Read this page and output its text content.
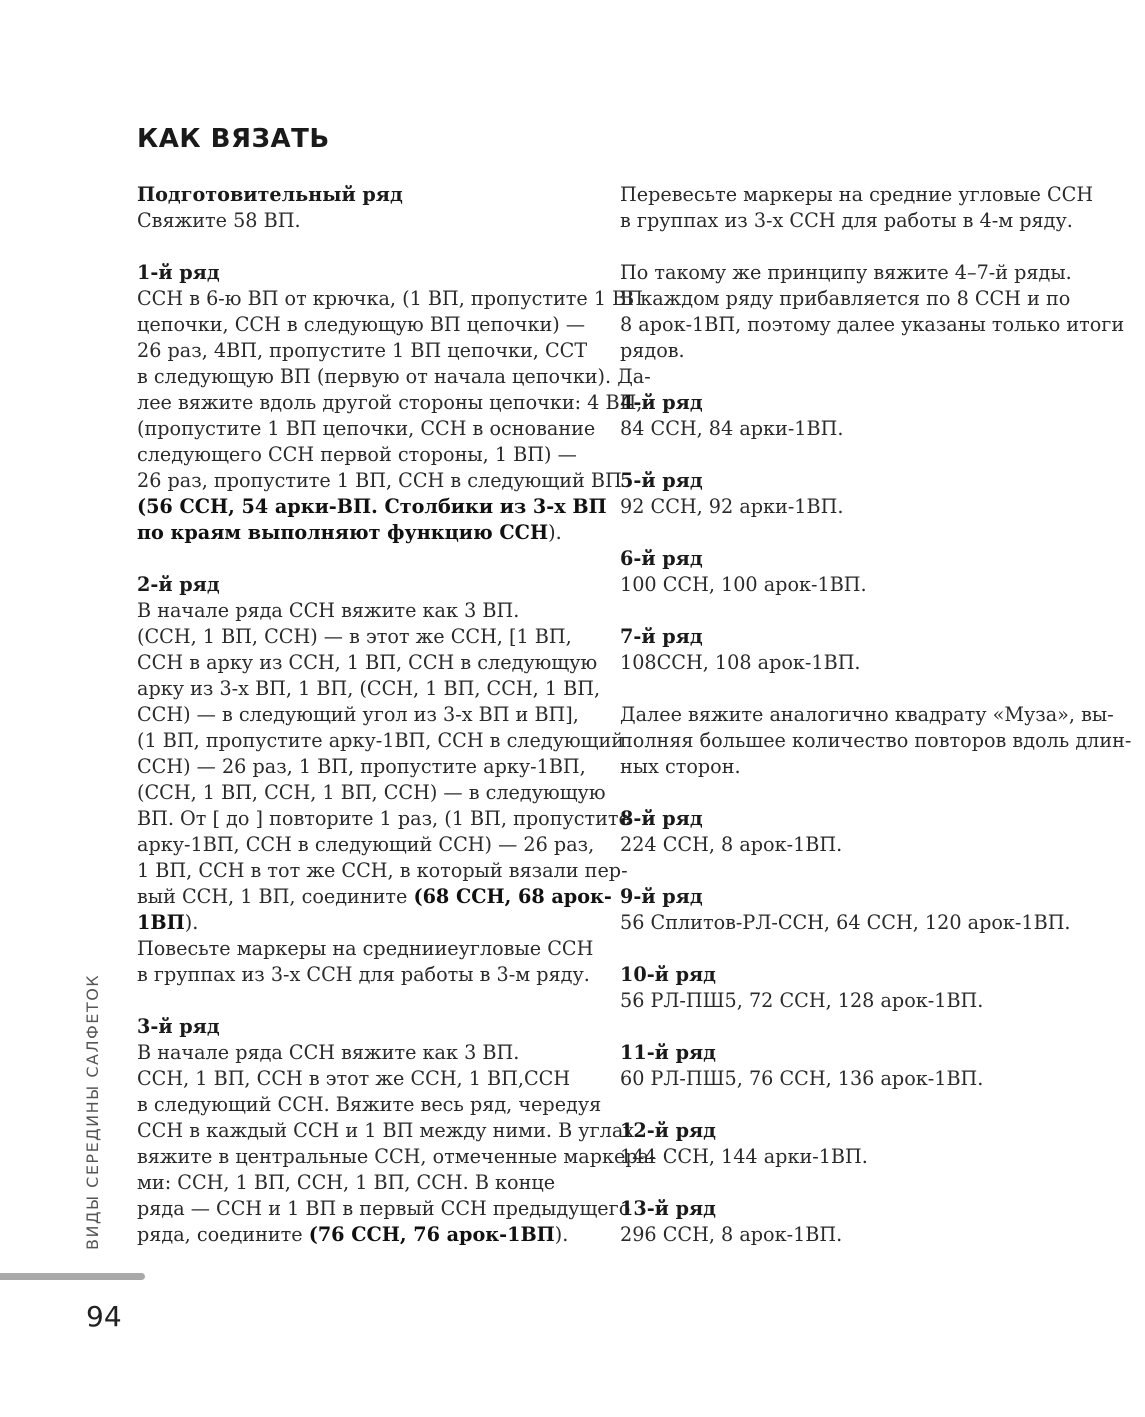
КАК ВЯЗАТЬ
Подготовительный ряд
Свяжите 58 ВП.
1-й ряд
ССН в 6-ю ВП от крючка, (1 ВП, пропустите 1 ВП
цепочки, ССН в следующую ВП цепочки) —
26 раз, 4ВП, пропустите 1 ВП цепочки, ССТ
в следующую ВП (первую от начала цепочки). Да-
лее вяжите вдоль другой стороны цепочки: 4 ВП,
(пропустите 1 ВП цепочки, ССН в основание
следующего ССН первой стороны, 1 ВП) —
26 раз, пропустите 1 ВП, ССН в следующий ВП
(56 ССН, 54 арки-ВП. Столбики из 3-х ВП
по краям выполняют функцию ССН).
2-й ряд
В начале ряда ССН вяжите как 3 ВП.
(ССН, 1 ВП, ССН) — в этот же ССН, [1 ВП,
ССН в арку из ССН, 1 ВП, ССН в следующую
арку из 3-х ВП, 1 ВП, (ССН, 1 ВП, ССН, 1 ВП,
ССН) — в следующий угол из 3-х ВП и ВП],
(1 ВП, пропустите арку-1ВП, ССН в следующий
ССН) — 26 раз, 1 ВП, пропустите арку-1ВП,
(ССН, 1 ВП, ССН, 1 ВП, ССН) — в следующую
ВП. От [ до ] повторите 1 раз, (1 ВП, пропустите
арку-1ВП, ССН в следующий ССН) — 26 раз,
1 ВП, ССН в тот же ССН, в который вязали пер-
вый ССН, 1 ВП, соедините (68 ССН, 68 арок-
1ВП).
Повесьте маркеры на среднииеугловые ССН
в группах из 3-х ССН для работы в 3-м ряду.
3-й ряд
В начале ряда ССН вяжите как 3 ВП.
ССН, 1 ВП, ССН в этот же ССН, 1 ВП,ССН
в следующий ССН. Вяжите весь ряд, чередуя
ССН в каждый ССН и 1 ВП между ними. В углах
вяжите в центральные ССН, отмеченные маркера-
ми: ССН, 1 ВП, ССН, 1 ВП, ССН. В конце
ряда — ССН и 1 ВП в первый ССН предыдущего
ряда, соедините (76 ССН, 76 арок-1ВП).
Перевесьте маркеры на средние угловые ССН
в группах из 3-х ССН для работы в 4-м ряду.
По такому же принципу вяжите 4–7-й ряды.
В каждом ряду прибавляется по 8 ССН и по
8 арок-1ВП, поэтому далее указаны только итоги
рядов.
4-й ряд
84 ССН, 84 арки-1ВП.
5-й ряд
92 ССН, 92 арки-1ВП.
6-й ряд
100 ССН, 100 арок-1ВП.
7-й ряд
108ССН, 108 арок-1ВП.
Далее вяжите аналогично квадрату «Муза», вы-
полняя большее количество повторов вдоль длин-
ных сторон.
8-й ряд
224 ССН, 8 арок-1ВП.
9-й ряд
56 Сплитов-РЛ-ССН, 64 ССН, 120 арок-1ВП.
10-й ряд
56 РЛ-ПШ5, 72 ССН, 128 арок-1ВП.
11-й ряд
60 РЛ-ПШ5, 76 ССН, 136 арок-1ВП.
12-й ряд
144 ССН, 144 арки-1ВП.
13-й ряд
296 ССН, 8 арок-1ВП.
ВИДЫ СЕРЕДИНЫ САЛФЕТОК
94
